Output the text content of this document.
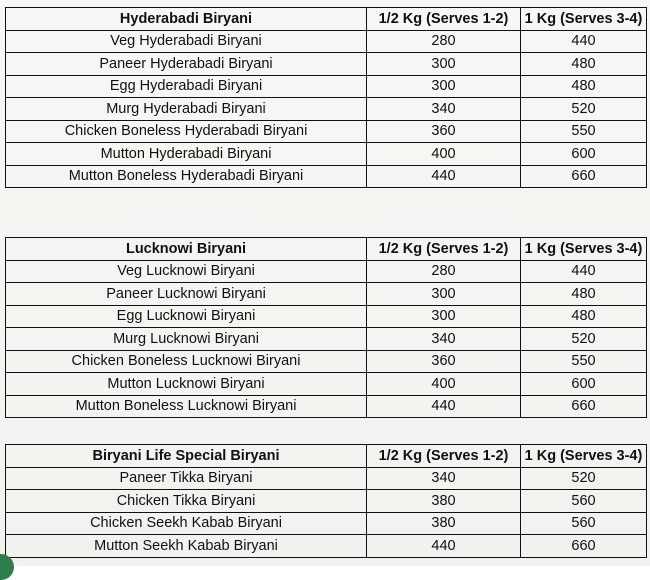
Hyderabadi Biryani	1/2 Kg (Serves 1-2)	1 Kg (Serves 3-4)
Veg Hyderabadi Biryani	280	440
Paneer Hyderabadi Biryani	300	480
Egg Hyderabadi Biryani	300	480
Murg Hyderabadi Biryani	340	520
Chicken Boneless Hyderabadi Biryani	360	550
Mutton Hyderabadi Biryani	400	600
Mutton Boneless Hyderabadi Biryani	440	660
Lucknowi Biryani	1/2 Kg (Serves 1-2)	1 Kg (Serves 3-4)
Veg Lucknowi Biryani	280	440
Paneer Lucknowi Biryani	300	480
Egg Lucknowi Biryani	300	480
Murg Lucknowi Biryani	340	520
Chicken Boneless Lucknowi Biryani	360	550
Mutton Lucknowi Biryani	400	600
Mutton Boneless Lucknowi Biryani	440	660
Biryani Life Special Biryani	1/2 Kg (Serves 1-2)	1 Kg (Serves 3-4)
Paneer Tikka Biryani	340	520
Chicken Tikka Biryani	380	560
Chicken Seekh Kabab Biryani	380	560
Mutton Seekh Kabab Biryani	440	660
